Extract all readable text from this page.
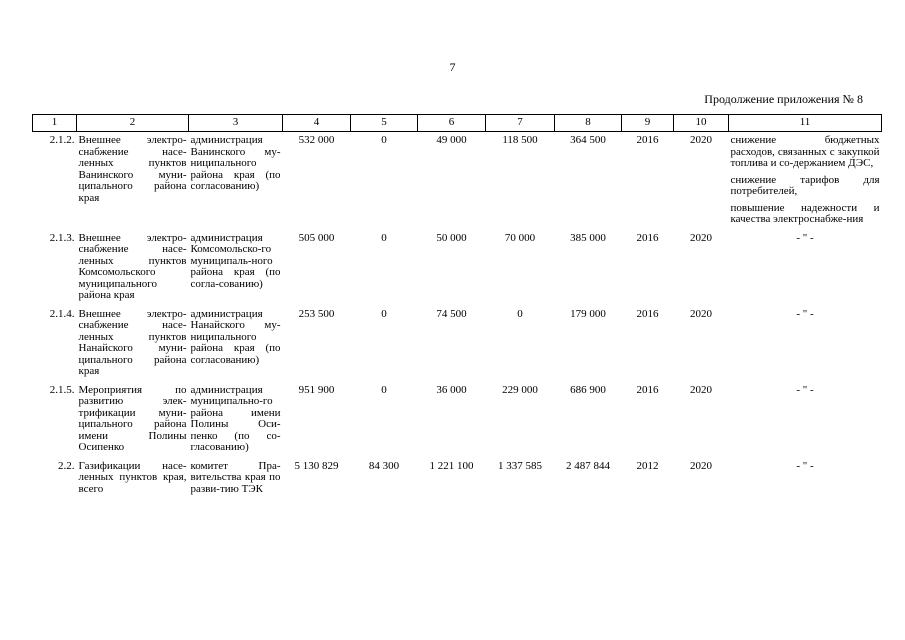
7
Продолжение приложения № 8
1	2	3	4	5	6	7	8	9	10	11
2.1.2.	Внешнее электро-снабжение насе-ленных пунктов Ванинского муни-ципального района края	администрация Ванинского му-ниципального района края (по согласованию)	532 000	0	49 000	118 500	364 500	2016	2020	снижение бюджетных расходов, связанных с закупкой топлива и со-держанием ДЭС,
снижение тарифов для потребителей,
повышение надежности и качества электроснабже-ния

2.1.3.	Внешнее электро-снабжение насе-ленных пунктов Комсомольского муниципального района края	администрация Комсомольско-го муниципаль-ного района края (по согла-сованию)	505 000	0	50 000	70 000	385 000	2016	2020	- " -
2.1.4.	Внешнее электро-снабжение насе-ленных пунктов Нанайского муни-ципального района края	администрация Нанайского му-ниципального района края (по согласованию)	253 500	0	74 500	0	179 000	2016	2020	- " -
2.1.5.	Мероприятия по развитию элек-трификации муни-ципального района имени Полины Осипенко	администрация муниципально-го района имени Полины Оси-пенко (по со-гласованию)	951 900	0	36 000	229 000	686 900	2016	2020	- " -
2.2.	Газификации насе-ленных пунктов края, всего	комитет Пра-вительства края по разви-тию ТЭК	5 130 829	84 300	1 221 100	1 337 585	2 487 844	2012	2020	- " -
